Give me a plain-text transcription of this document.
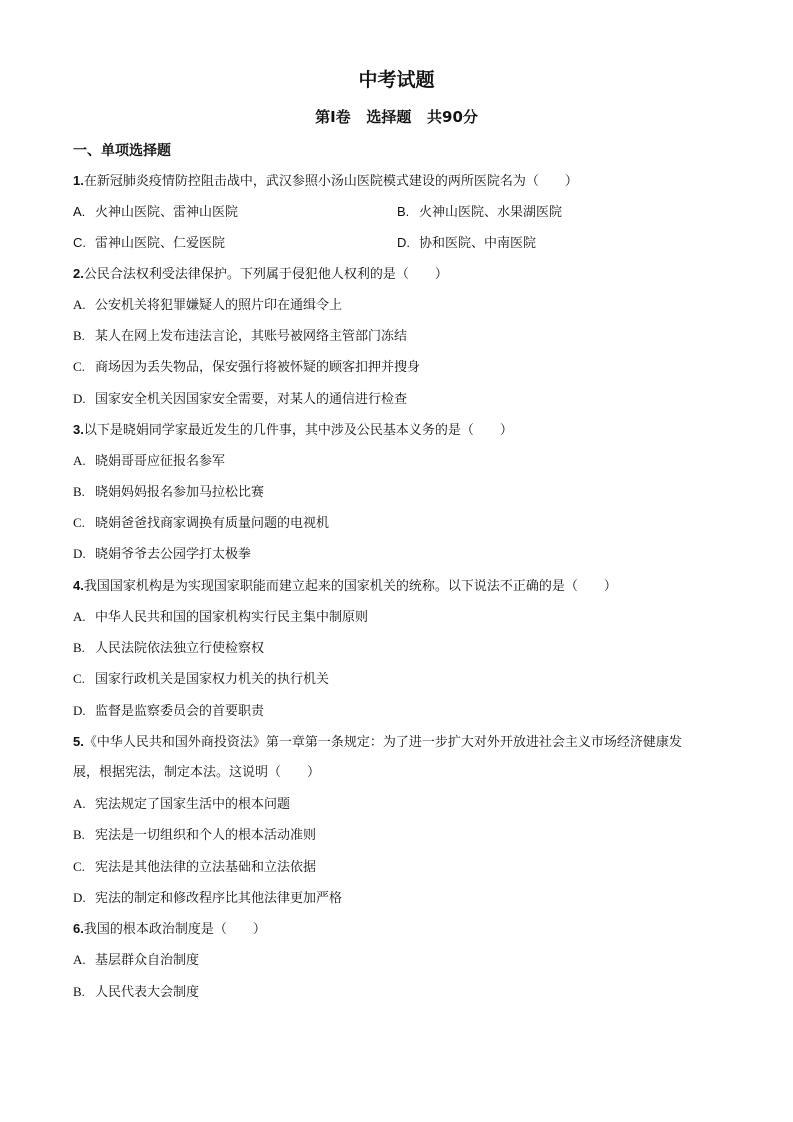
中考试题
第Ⅰ卷   选择题   共90分
一、单项选择题
1.在新冠肺炎疫情防控阻击战中，武汉参照小汤山医院模式建设的两所医院名为（　　）
A. 火神山医院、雷神山医院	B. 火神山医院、水果湖医院
C. 雷神山医院、仁爱医院	D. 协和医院、中南医院
2.公民合法权利受法律保护。下列属于侵犯他人权利的是（　　）
A. 公安机关将犯罪嫌疑人的照片印在通缉令上
B. 某人在网上发布违法言论，其账号被网络主管部门冻结
C. 商场因为丢失物品，保安强行将被怀疑的顾客扣押并搜身
D. 国家安全机关因国家安全需要，对某人的通信进行检查
3.以下是晓娟同学家最近发生的几件事，其中涉及公民基本义务的是（　　）
A. 晓娟哥哥应征报名参军
B. 晓娟妈妈报名参加马拉松比赛
C. 晓娟爸爸找商家调换有质量问题的电视机
D. 晓娟爷爷去公园学打太极拳
4.我国国家机构是为实现国家职能而建立起来的国家机关的统称。以下说法不正确的是（　　）
A. 中华人民共和国的国家机构实行民主集中制原则
B. 人民法院依法独立行使检察权
C. 国家行政机关是国家权力机关的执行机关
D. 监督是监察委员会的首要职责
5.《中华人民共和国外商投资法》第一章第一条规定：为了进一步扩大对外开放进社会主义市场经济健康发
展，根据宪法，制定本法。这说明（　　）
A. 宪法规定了国家生活中的根本问题
B. 宪法是一切组织和个人的根本活动准则
C. 宪法是其他法律的立法基础和立法依据
D. 宪法的制定和修改程序比其他法律更加严格
6.我国的根本政治制度是（　　）
A. 基层群众自治制度
B. 人民代表大会制度
